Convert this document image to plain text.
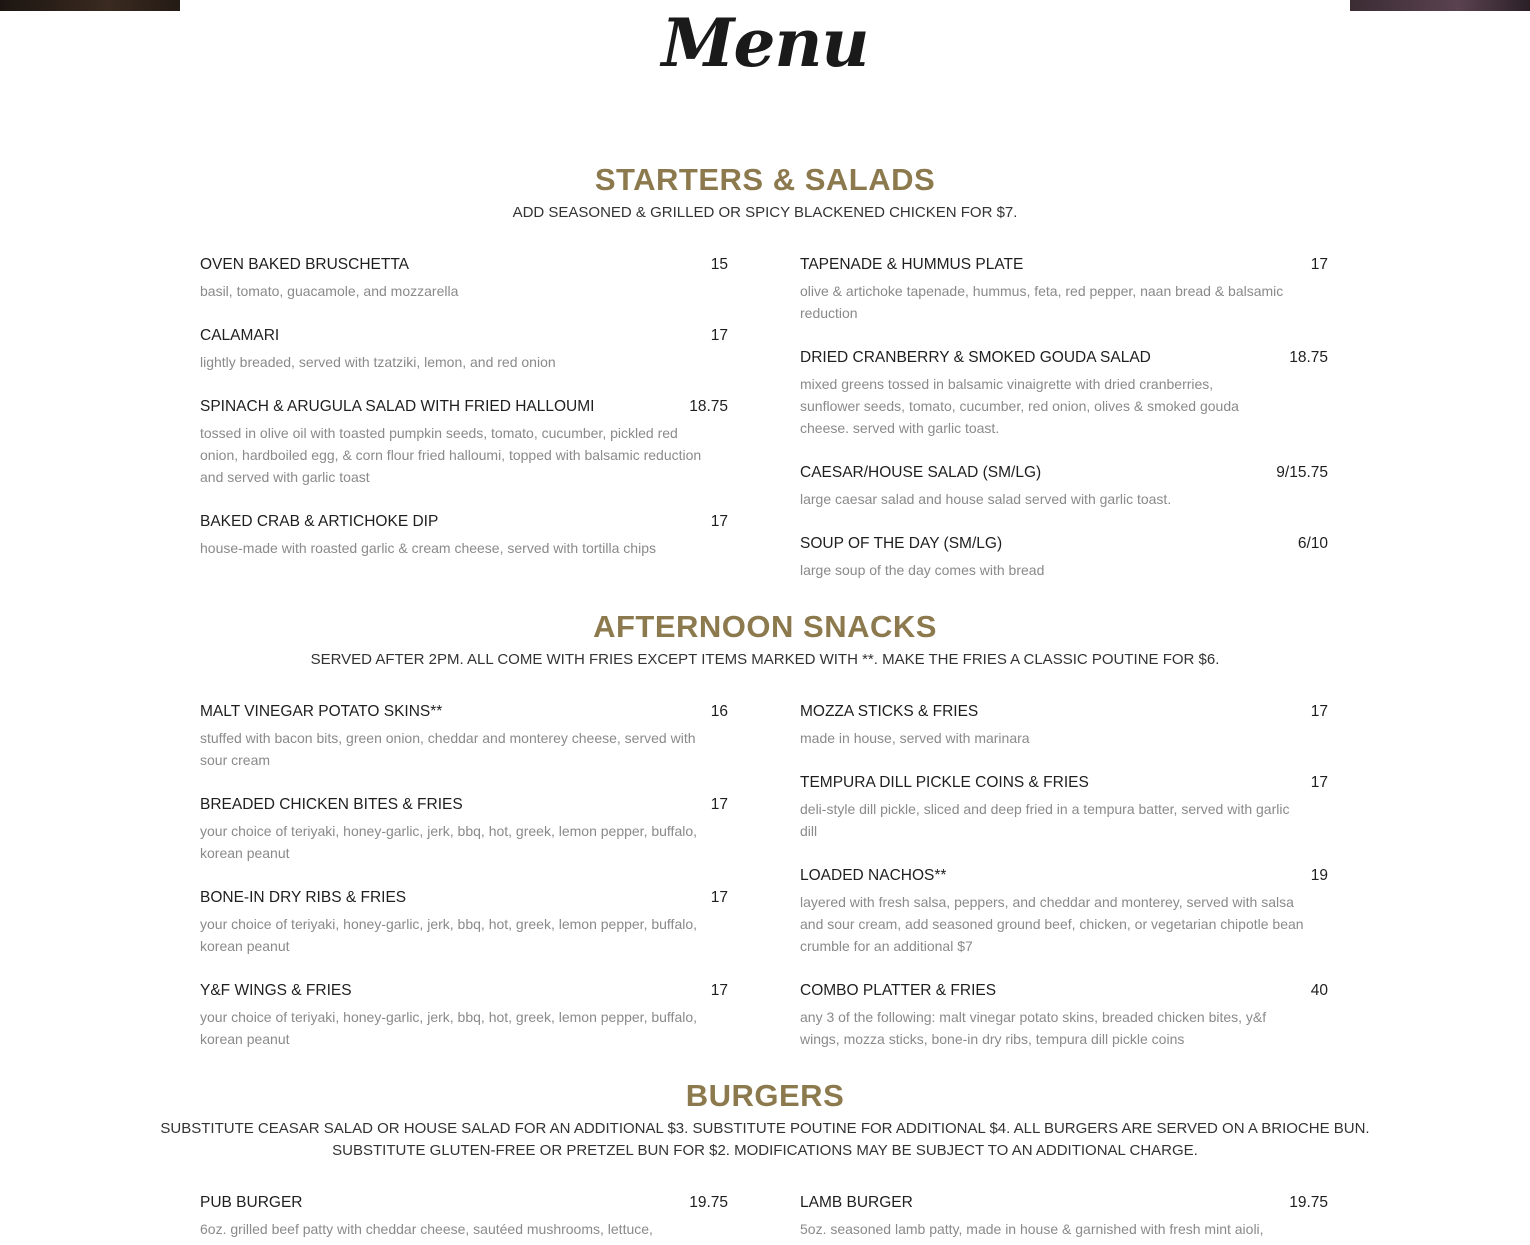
Menu
STARTERS & SALADS

ADD SEASONED & GRILLED OR SPICY BLACKENED CHICKEN FOR $7.

OVEN BAKED BRUSCHETTA	15
basil, tomato, guacamole, and mozzarella
CALAMARI	17
lightly breaded, served with tzatziki, lemon, and red onion
SPINACH & ARUGULA SALAD WITH FRIED HALLOUMI	18.75
tossed in olive oil with toasted pumpkin seeds, tomato, cucumber, pickled red onion, hardboiled egg, & corn flour fried halloumi, topped with balsamic reduction and served with garlic toast
BAKED CRAB & ARTICHOKE DIP	17
house-made with roasted garlic & cream cheese, served with tortilla chips
TAPENADE & HUMMUS PLATE	17
olive & artichoke tapenade, hummus, feta, red pepper, naan bread & balsamic reduction
DRIED CRANBERRY & SMOKED GOUDA SALAD	18.75
mixed greens tossed in balsamic vinaigrette with dried cranberries, sunflower seeds, tomato, cucumber, red onion, olives & smoked gouda cheese. served with garlic toast.
CAESAR/HOUSE SALAD (SM/LG)	9/15.75
large caesar salad and house salad served with garlic toast.
SOUP OF THE DAY (SM/LG)	6/10
large soup of the day comes with bread
AFTERNOON SNACKS

SERVED AFTER 2PM. ALL COME WITH FRIES EXCEPT ITEMS MARKED WITH **. MAKE THE FRIES A CLASSIC POUTINE FOR $6.

MALT VINEGAR POTATO SKINS**	16
stuffed with bacon bits, green onion, cheddar and monterey cheese, served with sour cream
BREADED CHICKEN BITES & FRIES	17
your choice of teriyaki, honey-garlic, jerk, bbq, hot, greek, lemon pepper, buffalo, korean peanut
BONE-IN DRY RIBS & FRIES	17
your choice of teriyaki, honey-garlic, jerk, bbq, hot, greek, lemon pepper, buffalo, korean peanut
Y&F WINGS & FRIES	17
your choice of teriyaki, honey-garlic, jerk, bbq, hot, greek, lemon pepper, buffalo, korean peanut
MOZZA STICKS & FRIES	17
made in house, served with marinara
TEMPURA DILL PICKLE COINS & FRIES	17
deli-style dill pickle, sliced and deep fried in a tempura batter, served with garlic dill
LOADED NACHOS**	19
layered with fresh salsa, peppers, and cheddar and monterey, served with salsa and sour cream, add seasoned ground beef, chicken, or vegetarian chipotle bean crumble for an additional $7
COMBO PLATTER & FRIES	40
any 3 of the following: malt vinegar potato skins, breaded chicken bites, y&f wings, mozza sticks, bone-in dry ribs, tempura dill pickle coins
BURGERS

SUBSTITUTE CEASAR SALAD OR HOUSE SALAD FOR AN ADDITIONAL $3. SUBSTITUTE POUTINE FOR ADDITIONAL $4. ALL BURGERS ARE SERVED ON A BRIOCHE BUN.

SUBSTITUTE GLUTEN-FREE OR PRETZEL BUN FOR $2. MODIFICATIONS MAY BE SUBJECT TO AN ADDITIONAL CHARGE.

PUB BURGER	19.75
6oz. grilled beef patty with cheddar cheese, sautéed mushrooms, lettuce,
LAMB BURGER	19.75
5oz. seasoned lamb patty, made in house & garnished with fresh mint aioli,
